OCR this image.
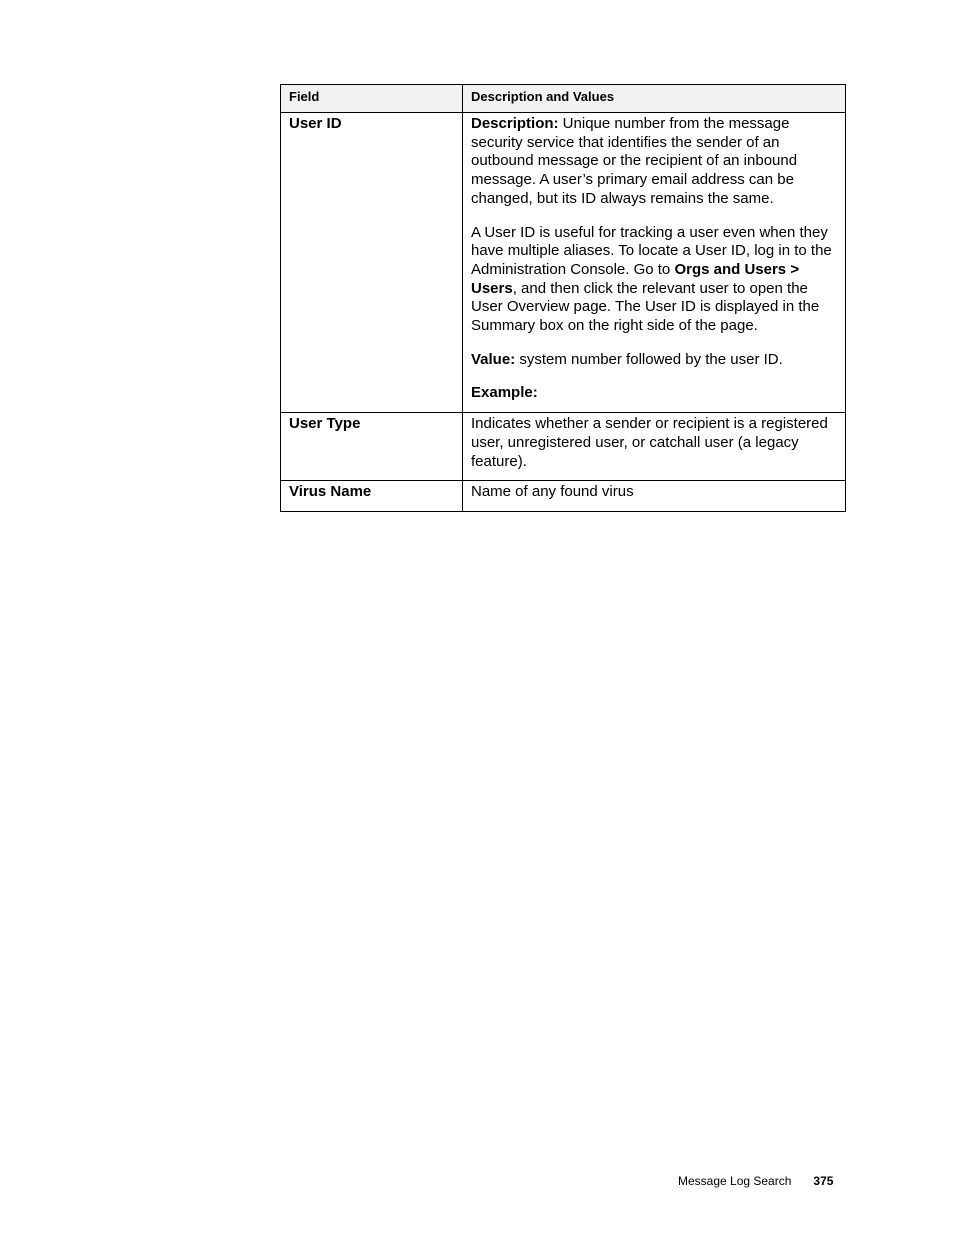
Field	Description and Values
User ID	Description: Unique number from the message security service that identifies the sender of an outbound message or the recipient of an inbound message. A user’s primary email address can be changed, but its ID always remains the same.

A User ID is useful for tracking a user even when they have multiple aliases. To locate a User ID, log in to the Administration Console. Go to Orgs and Users > Users, and then click the relevant user to open the User Overview page. The User ID is displayed in the Summary box on the right side of the page.

Value: system number followed by the user ID.

Example:

User Type	Indicates whether a sender or recipient is a registered user, unregistered user, or catchall user (a legacy feature).
Virus Name	Name of any found virus
Message Log Search 375
